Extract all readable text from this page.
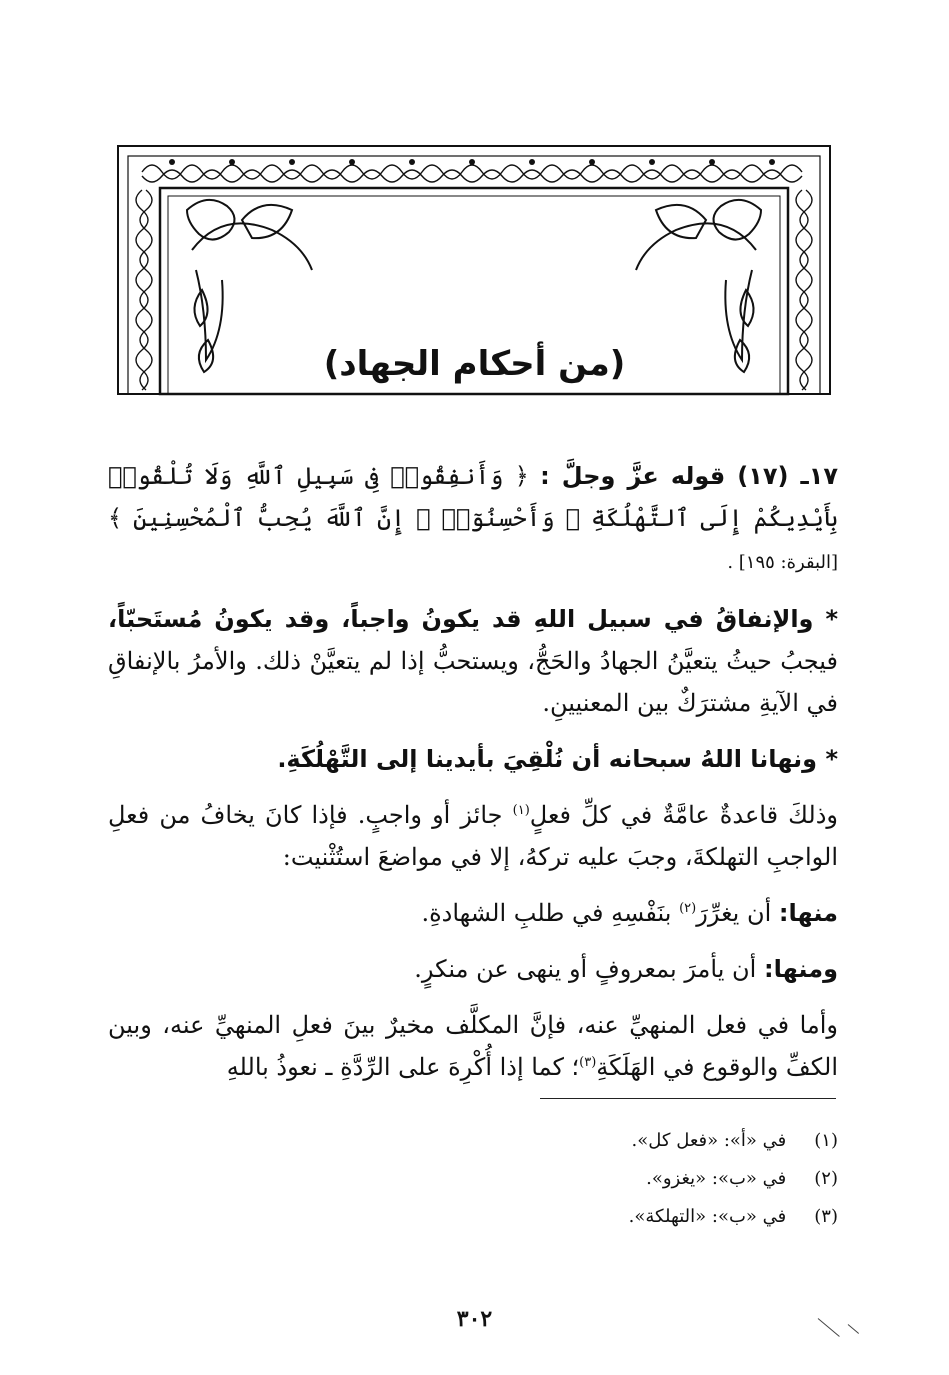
(من أحكام الجهاد)

١٧ـ (١٧) قوله عزَّ وجلَّ : ﴿ وَأَنفِقُوا۟ فِى سَبِيلِ ٱللَّهِ وَلَا تُلْقُوا۟ بِأَيْدِيكُمْ إِلَى ٱلتَّهْلُكَةِ ۛ وَأَحْسِنُوٓا۟ ۛ إِنَّ ٱللَّهَ يُحِبُّ ٱلْمُحْسِنِينَ ﴾ [البقرة: ١٩٥] .

* والإنفاقُ في سبيل اللهِ قد يكونُ واجباً، وقد يكونُ مُستَحبّاً، فيجبُ حيثُ يتعيَّنُ الجهادُ والحَجُّ، ويستحبُّ إذا لم يتعيَّنْ ذلك. والأمرُ بالإنفاقِ في الآيةِ مشترَكٌ بين المعنيينِ.

* ونهانا اللهُ سبحانه أن نُلْقِيَ بأيدينا إلى التَّهْلُكَةِ.

وذلكَ قاعدةٌ عامَّةٌ في كلِّ فعلٍ$^{(١)}$ جائز أو واجبٍ. فإذا كانَ يخافُ من فعلِ الواجبِ التهلكةَ، وجبَ عليه تركهُ، إلا في مواضعَ استُثْنيت:

منها: أن يغرِّرَ$^{(٢)}$ بنَفْسِهِ في طلبِ الشهادةِ.

ومنها: أن يأمرَ بمعروفٍ أو ينهى عن منكرٍ.

وأما في فعل المنهيِّ عنه، فإنَّ المكلَّف مخيرٌ بينَ فعلِ المنهيِّ عنه، وبين الكفِّ والوقوع في الهَلَكَةِ$^{(٣)}$؛ كما إذا أُكْرِهَ على الرِّدَّةِ ـ نعوذُ باللهِ

(١) في «أ»: «فعل كل».
(٢) في «ب»: «يغزو».
(٣) في «ب»: «التهلكة».
٣٠٢
